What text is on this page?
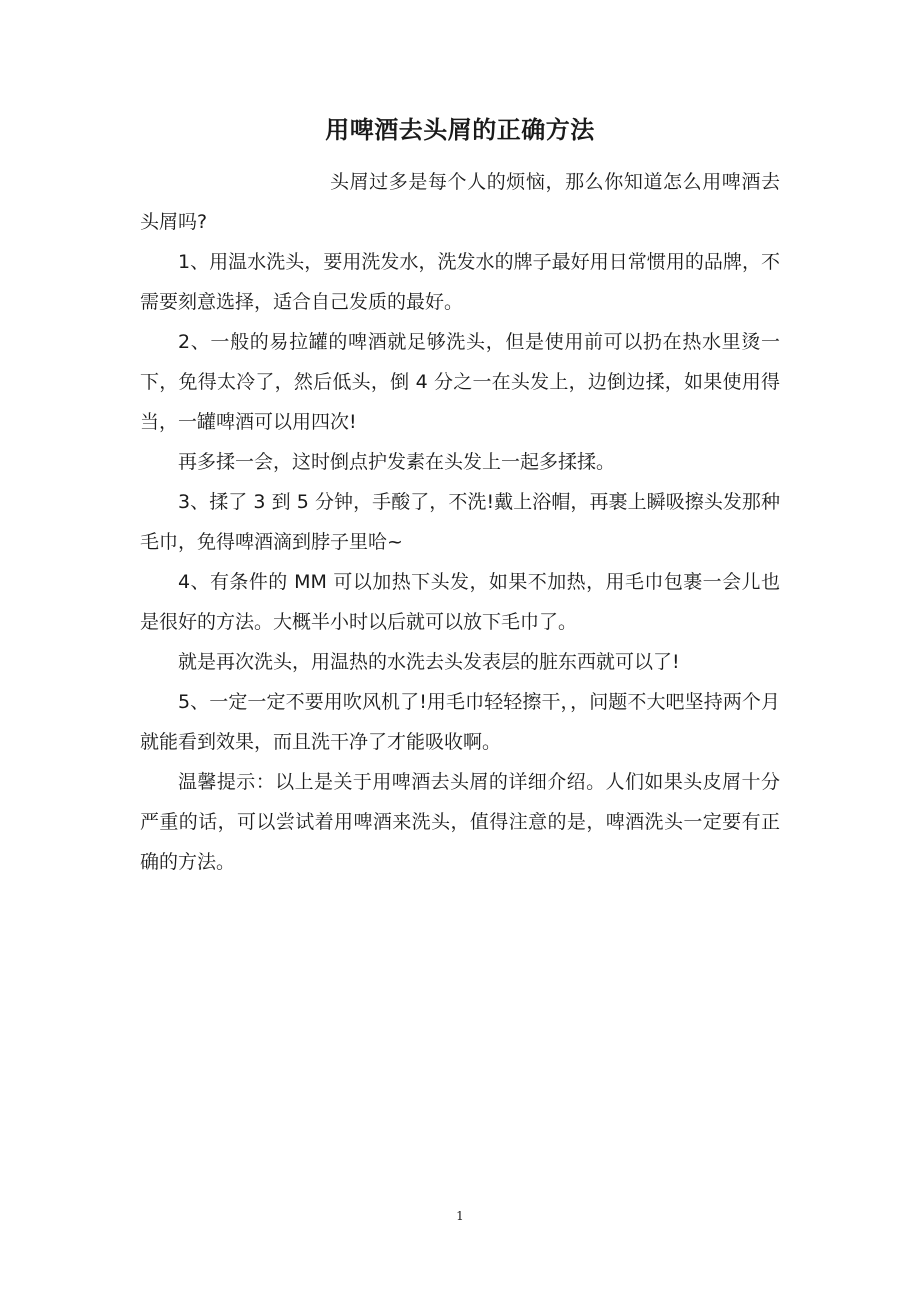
用啤酒去头屑的正确方法

头屑过多是每个人的烦恼，那么你知道怎么用啤酒去头屑吗?

1、用温水洗头，要用洗发水，洗发水的牌子最好用日常惯用的品牌，不需要刻意选择，适合自己发质的最好。

2、一般的易拉罐的啤酒就足够洗头，但是使用前可以扔在热水里烫一下，免得太冷了，然后低头，倒 4 分之一在头发上，边倒边揉，如果使用得当，一罐啤酒可以用四次!

再多揉一会，这时倒点护发素在头发上一起多揉揉。

3、揉了 3 到 5 分钟，手酸了，不洗!戴上浴帽，再裹上瞬吸擦头发那种毛巾，免得啤酒滴到脖子里哈~

4、有条件的 MM 可以加热下头发，如果不加热，用毛巾包裹一会儿也是很好的方法。大概半小时以后就可以放下毛巾了。

就是再次洗头，用温热的水洗去头发表层的脏东西就可以了!

5、一定一定不要用吹风机了!用毛巾轻轻擦干，，问题不大吧坚持两个月就能看到效果，而且洗干净了才能吸收啊。

温馨提示：以上是关于用啤酒去头屑的详细介绍。人们如果头皮屑十分严重的话，可以尝试着用啤酒来洗头，值得注意的是，啤酒洗头一定要有正确的方法。

1
